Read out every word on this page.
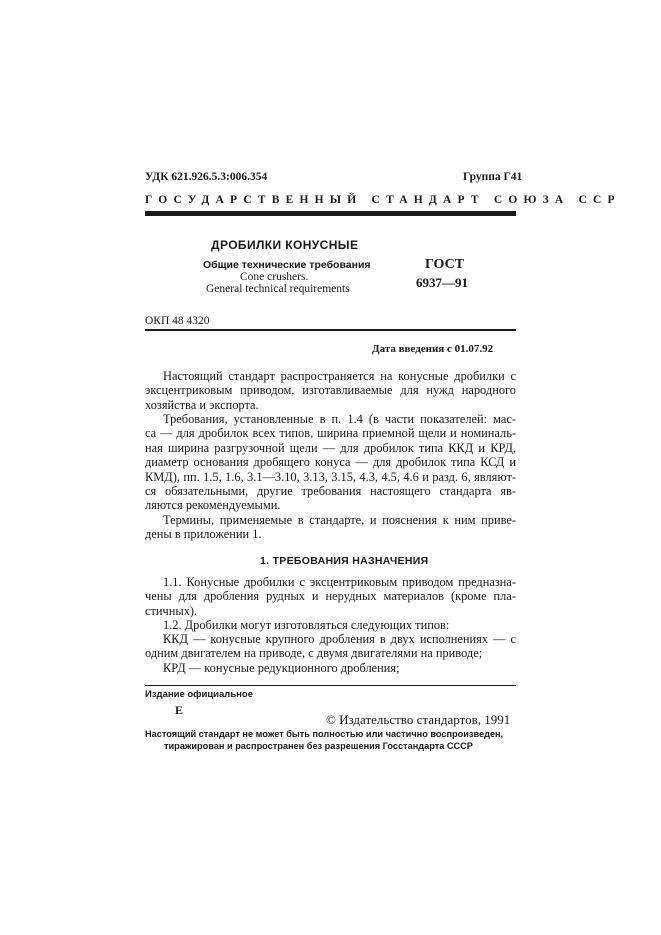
УДК 621.926.5.3:006.354	Группа Г41
ГОСУДАРСТВЕННЫЙ СТАНДАРТ СОЮЗА ССР
ДРОБИЛКИ КОНУСНЫЕ
Общие технические требования
Cone crushers.
General technical requirements
ГОСТ
6937—91
ОКП 48 4320
Дата введения с 01.07.92
Настоящий стандарт распространяется на конусные дробилки с
эксцентриковым приводом, изготавливаемые для нужд народного
хозяйства и экспорта.
Требования, установленные в п. 1.4 (в части показателей: мас-
са — для дробилок всех типов, ширина приемной щели и номиналь-
ная ширина разгрузочной щели — для дробилок типа ККД и КРД,
диаметр основания дробящего конуса — для дробилок типа КСД и
КМД), пп. 1.5, 1.6, 3.1—3.10, 3.13, 3.15, 4.3, 4.5, 4.6 и разд. 6, являют-
ся обязательными, другие требования настоящего стандарта яв-
ляются рекомендуемыми.
Термины, применяемые в стандарте, и пояснения к ним приве-
дены в приложении 1.
1. ТРЕБОВАНИЯ НАЗНАЧЕНИЯ
1.1. Конусные дробилки с эксцентриковым приводом предназна-
чены для дробления рудных и нерудных материалов (кроме пла-
стичных).
1.2. Дробилки могут изготовляться следующих типов:
ККД — конусные крупного дробления в двух исполнениях — с
одним двигателем на приводе, с двумя двигателями на приводе;
КРД — конусные редукционного дробления;
Издание официальное
Е
© Издательство стандартов, 1991
Настоящий стандарт не может быть полностью или частично воспроизведен,
тиражирован и распространен без разрешения Госстандарта СССР
